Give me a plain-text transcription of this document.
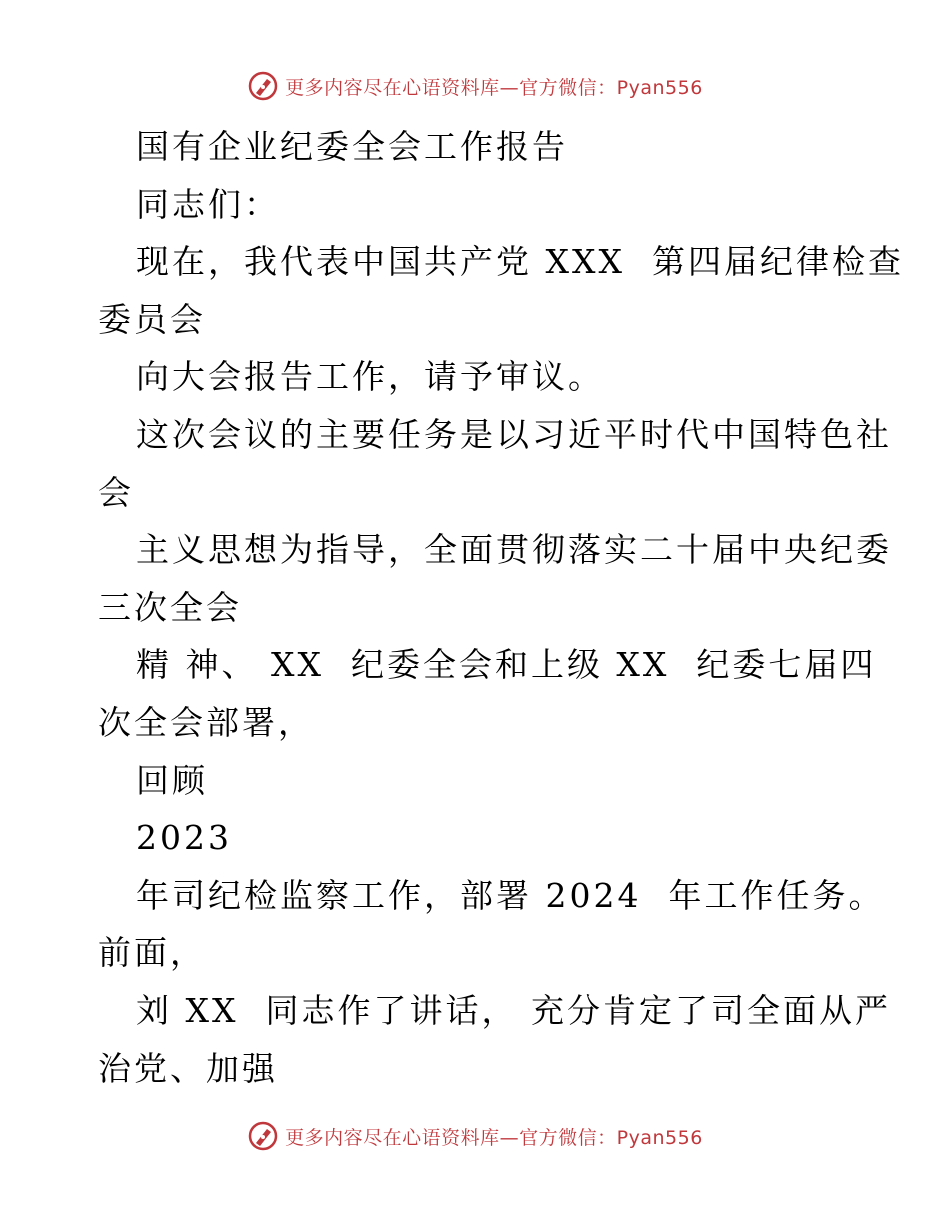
更多内容尽在心语资料库—官方微信：Pyan556
国有企业纪委全会工作报告
同志们：
现在，我代表中国共产党 XXX  第四届纪律检查
委员会
向大会报告工作，请予审议。
这次会议的主要任务是以习近平时代中国特色社
会
主义思想为指导，全面贯彻落实二十届中央纪委
三次全会
精 神、 XX  纪委全会和上级 XX  纪委七届四
次全会部署，
回顾
2023
年司纪检监察工作，部署 2024  年工作任务。
前面，
刘 XX  同志作了讲话， 充分肯定了司全面从严
治党、加强
更多内容尽在心语资料库—官方微信：Pyan556
